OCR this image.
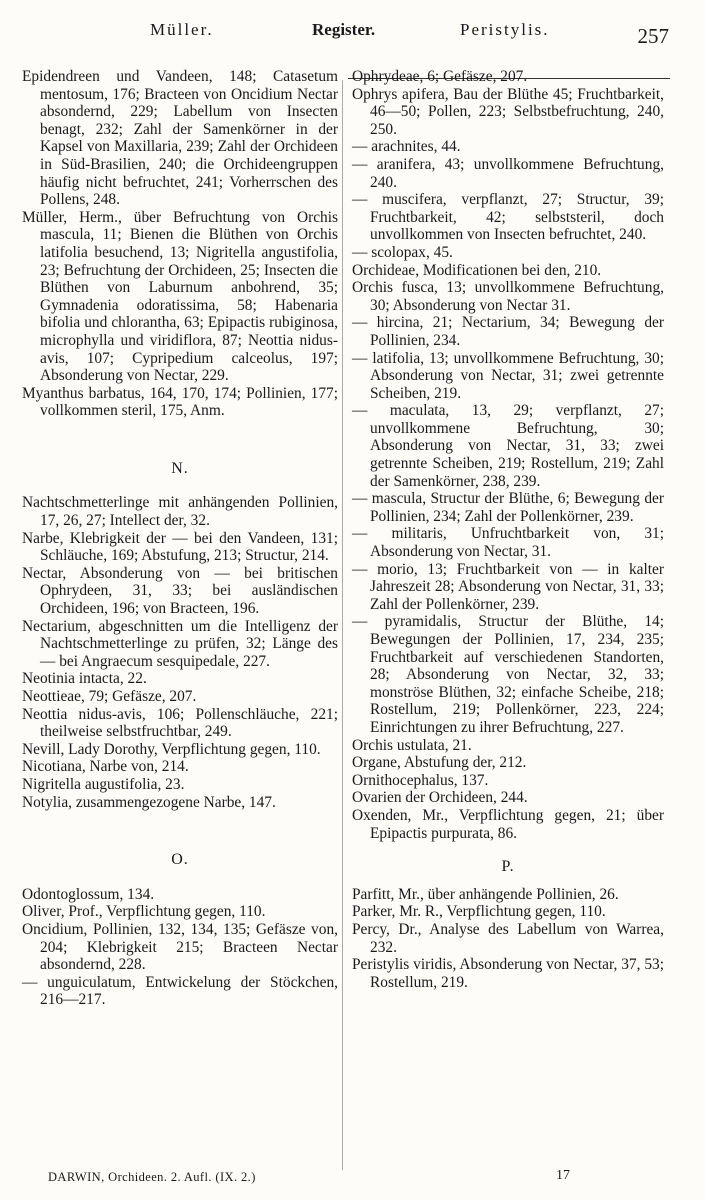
Müller.	Register.	Peristylis.	257

Epidendreen und Vandeen, 148; Catasetum mentosum, 176; Bracteen von Oncidium Nectar absondernd, 229; Labellum von Insecten benagt, 232; Zahl der Samenkörner in der Kapsel von Maxillaria, 239; Zahl der Orchideen in Süd-Brasilien, 240; die Orchideengruppen häufig nicht befruchtet, 241; Vorherrschen des Pollens, 248.

Müller, Herm., über Befruchtung von Orchis mascula, 11; Bienen die Blüthen von Orchis latifolia besuchend, 13; Nigritella angustifolia, 23; Befruchtung der Orchideen, 25; Insecten die Blüthen von Laburnum anbohrend, 35; Gymnadenia odoratissima, 58; Habenaria bifolia und chlorantha, 63; Epipactis rubiginosa, microphylla und viridiflora, 87; Neottia nidus-avis, 107; Cypripedium calceolus, 197; Absonderung von Nectar, 229.

Myanthus barbatus, 164, 170, 174; Pollinien, 177; vollkommen steril, 175, Anm.

N.

Nachtschmetterlinge mit anhängenden Pollinien, 17, 26, 27; Intellect der, 32.

Narbe, Klebrigkeit der — bei den Vandeen, 131; Schläuche, 169; Abstufung, 213; Structur, 214.

Nectar, Absonderung von — bei britischen Ophrydeen, 31, 33; bei ausländischen Orchideen, 196; von Bracteen, 196.

Nectarium, abgeschnitten um die Intelligenz der Nachtschmetterlinge zu prüfen, 32; Länge des — bei Angraecum sesquipedale, 227.

Neotinia intacta, 22.

Neottieae, 79; Gefäsze, 207.

Neottia nidus-avis, 106; Pollenschläuche, 221; theilweise selbstfruchtbar, 249.

Nevill, Lady Dorothy, Verpflichtung gegen, 110.

Nicotiana, Narbe von, 214.

Nigritella augustifolia, 23.

Notylia, zusammengezogene Narbe, 147.

O.

Odontoglossum, 134.

Oliver, Prof., Verpflichtung gegen, 110.

Oncidium, Pollinien, 132, 134, 135; Gefäsze von, 204; Klebrigkeit 215; Bracteen Nectar absondernd, 228.

— unguiculatum, Entwickelung der Stöckchen, 216—217.

Ophrydeae, 6; Gefäsze, 207.

Ophrys apifera, Bau der Blüthe 45; Fruchtbarkeit, 46—50; Pollen, 223; Selbstbefruchtung, 240, 250.

— arachnites, 44.

— aranifera, 43; unvollkommene Befruchtung, 240.

— muscifera, verpflanzt, 27; Structur, 39; Fruchtbarkeit, 42; selbststeril, doch unvollkommen von Insecten befruchtet, 240.

— scolopax, 45.

Orchideae, Modificationen bei den, 210.

Orchis fusca, 13; unvollkommene Befruchtung, 30; Absonderung von Nectar 31.

— hircina, 21; Nectarium, 34; Bewegung der Pollinien, 234.

— latifolia, 13; unvollkommene Befruchtung, 30; Absonderung von Nectar, 31; zwei getrennte Scheiben, 219.

— maculata, 13, 29; verpflanzt, 27; unvollkommene Befruchtung, 30; Absonderung von Nectar, 31, 33; zwei getrennte Scheiben, 219; Rostellum, 219; Zahl der Samenkörner, 238, 239.

— mascula, Structur der Blüthe, 6; Bewegung der Pollinien, 234; Zahl der Pollenkörner, 239.

— militaris, Unfruchtbarkeit von, 31; Absonderung von Nectar, 31.

— morio, 13; Fruchtbarkeit von — in kalter Jahreszeit 28; Absonderung von Nectar, 31, 33; Zahl der Pollenkörner, 239.

— pyramidalis, Structur der Blüthe, 14; Bewegungen der Pollinien, 17, 234, 235; Fruchtbarkeit auf verschiedenen Standorten, 28; Absonderung von Nectar, 32, 33; monströse Blüthen, 32; einfache Scheibe, 218; Rostellum, 219; Pollenkörner, 223, 224; Einrichtungen zu ihrer Befruchtung, 227.

Orchis ustulata, 21.

Organe, Abstufung der, 212.

Ornithocephalus, 137.

Ovarien der Orchideen, 244.

Oxenden, Mr., Verpflichtung gegen, 21; über Epipactis purpurata, 86.

P.

Parfitt, Mr., über anhängende Pollinien, 26.

Parker, Mr. R., Verpflichtung gegen, 110.

Percy, Dr., Analyse des Labellum von Warrea, 232.

Peristylis viridis, Absonderung von Nectar, 37, 53; Rostellum, 219.

DARWIN, Orchideen. 2. Aufl. (IX. 2.)	17
